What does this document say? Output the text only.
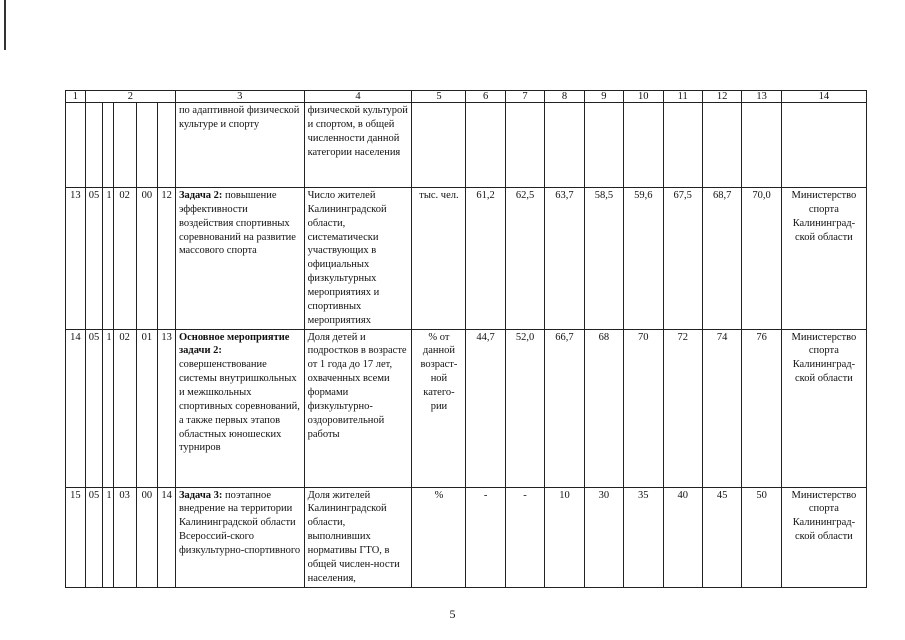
1	2					3	4	5	6	7	8	9	10	11	12	13	14
						по адаптивной физической культуре и спорту	физической культурой и спортом, в общей численности данной категории населения										
13	05	1	02	00	12	Задача 2: повышение эффективности воздействия спортивных соревнований на развитие массового спорта	Число жителей Калининградской области, систематически участвующих в официальных физкультурных мероприятиях и спортивных мероприятиях	тыс. чел.	61,2	62,5	63,7	58,5	59,6	67,5	68,7	70,0	Министерство спорта Калининград-ской области
14	05	1	02	01	13	Основное мероприятие задачи 2: совершенствование системы внутришкольных и межшкольных спортивных соревнований, а также первых этапов областных юношеских турниров	Доля детей и подростков в возрасте от 1 года до 17 лет, охваченных всеми формами физкультурно-оздоровительной работы	% от данной возраст-ной катего-рии	44,7	52,0	66,7	68	70	72	74	76	Министерство спорта Калининград-ской области
15	05	1	03	00	14	Задача 3: поэтапное внедрение на территории Калининградской области Всероссий-ского физкультурно-спортивного	Доля жителей Калининградской области, выполнивших нормативы ГТО, в общей числен-ности населения,	%	-	-	10	30	35	40	45	50	Министерство спорта Калининград-ской области
5
